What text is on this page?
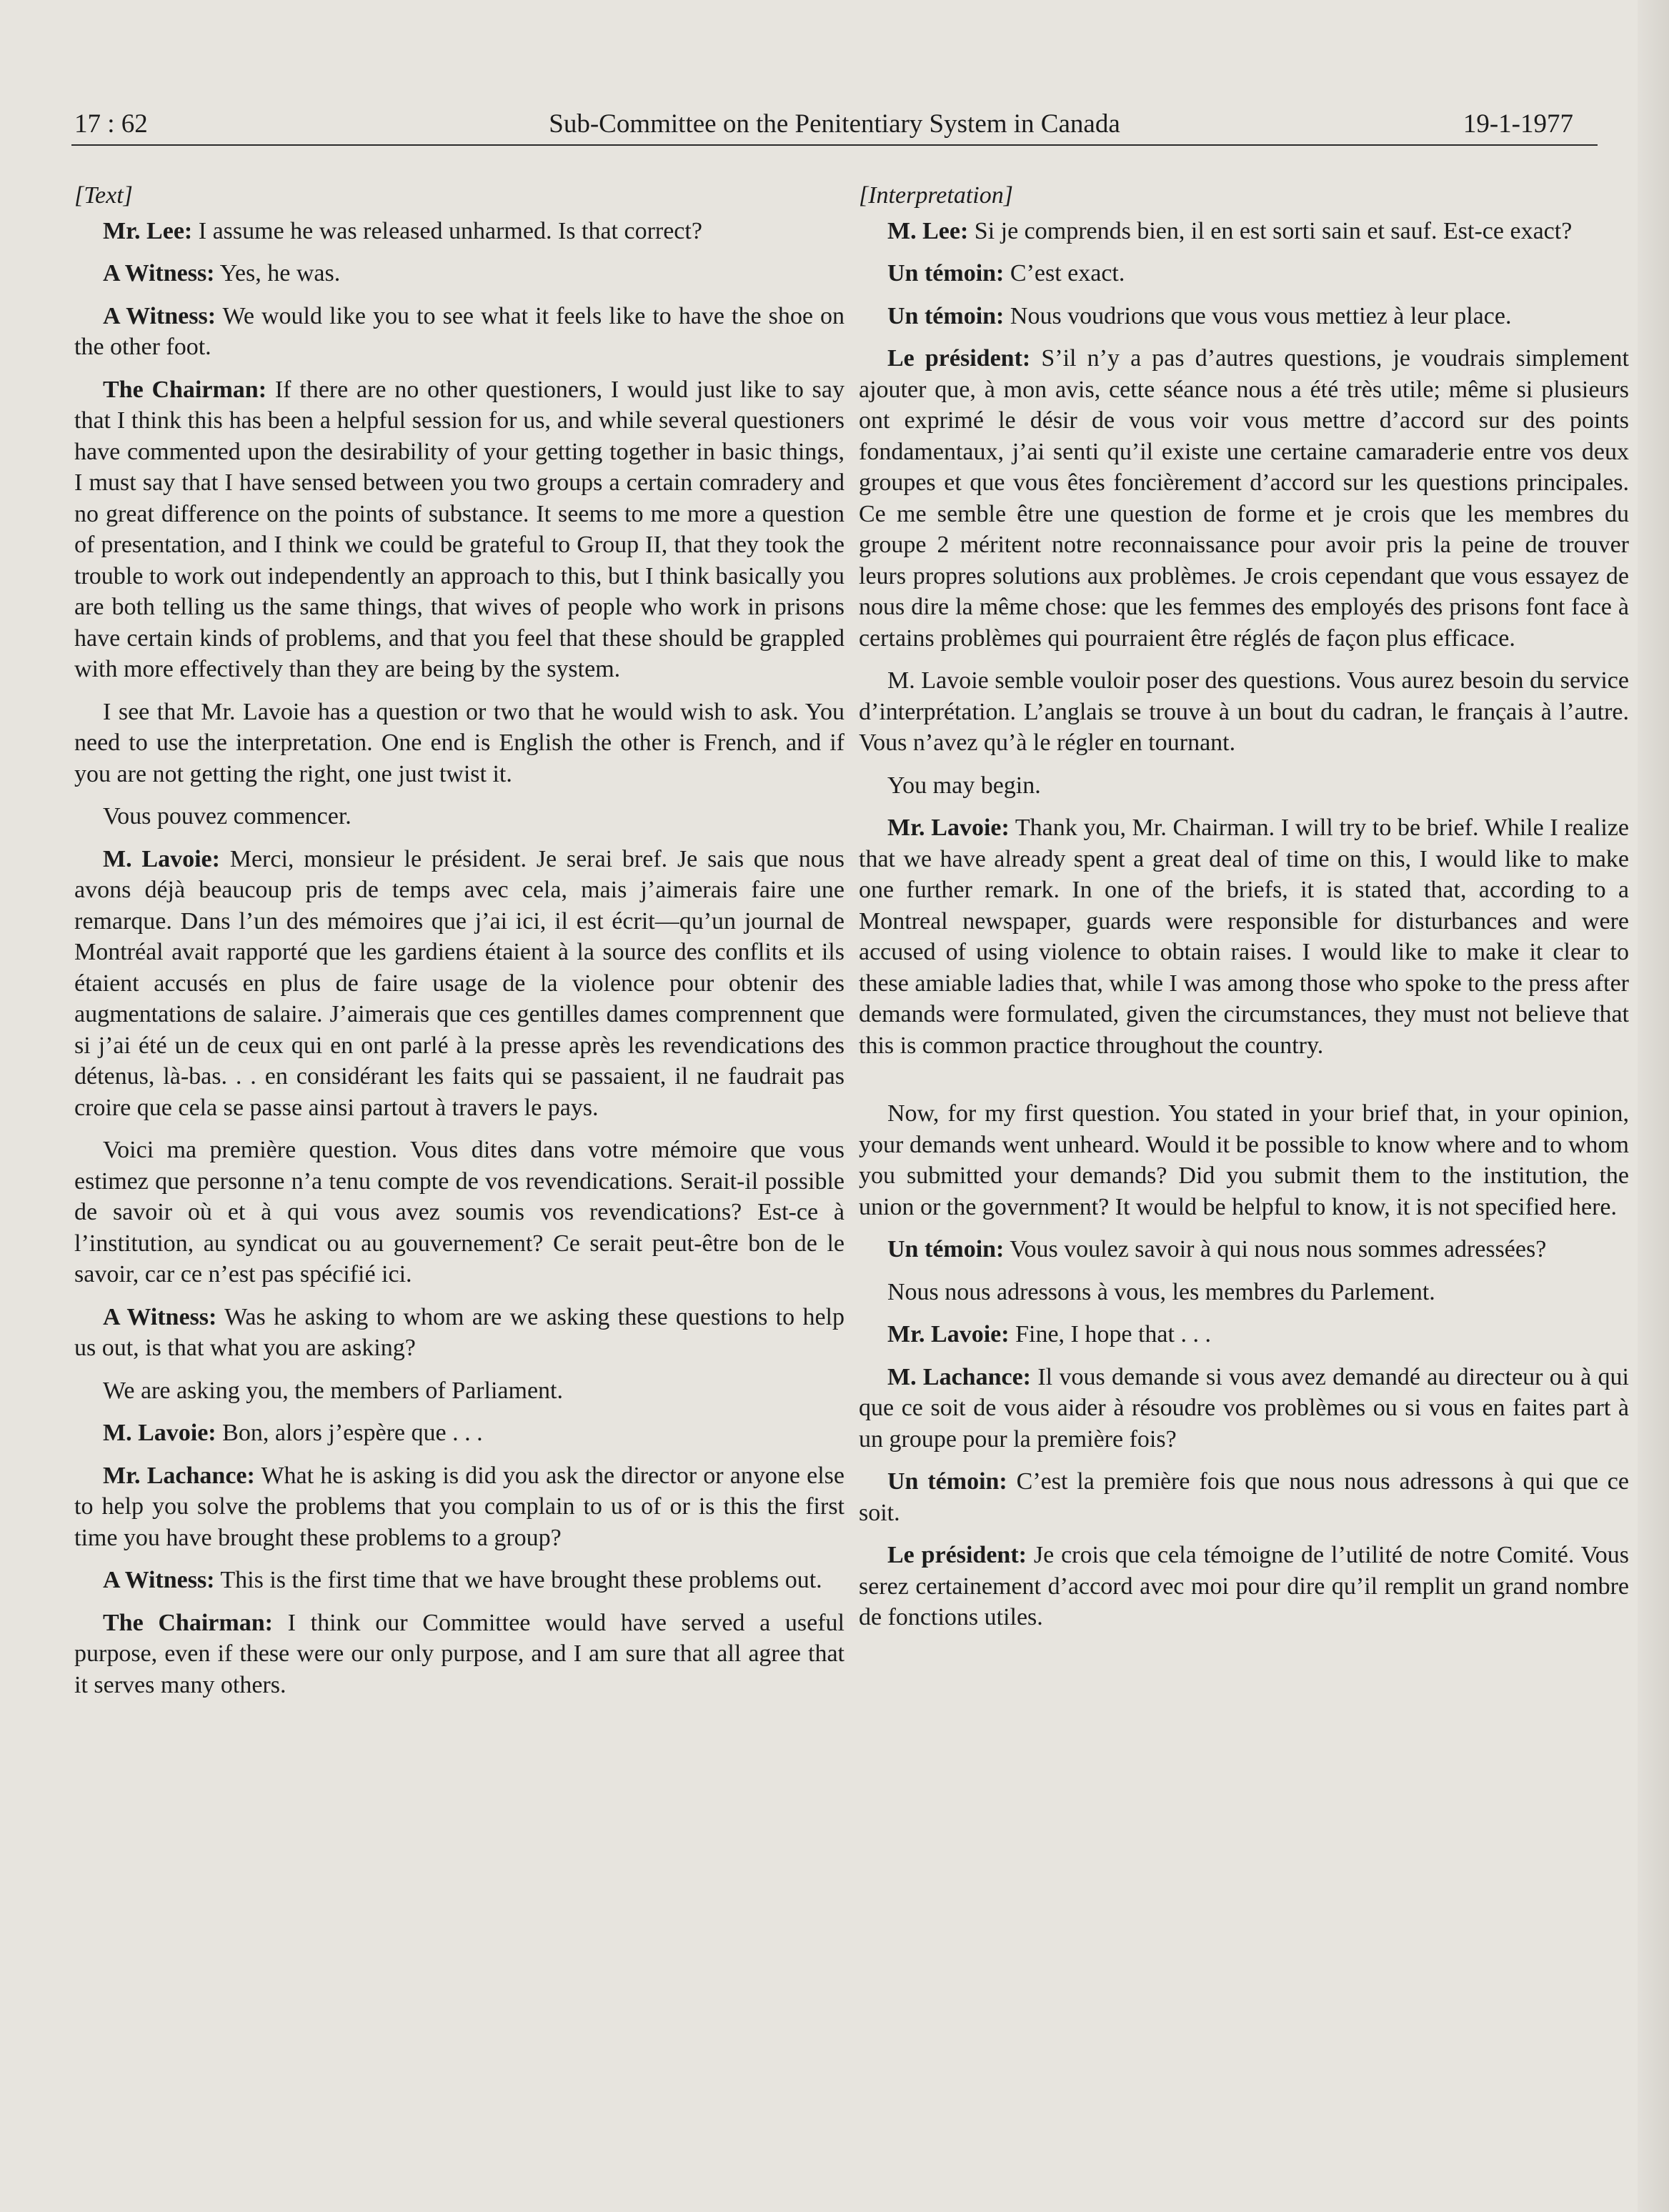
17 : 62	Sub-Committee on the Penitentiary System in Canada	19-1-1977

[Text]

Mr. Lee: I assume he was released unharmed. Is that correct?

A Witness: Yes, he was.

A Witness: We would like you to see what it feels like to have the shoe on the other foot.

The Chairman: If there are no other questioners, I would just like to say that I think this has been a helpful session for us, and while several questioners have commented upon the desirability of your getting together in basic things, I must say that I have sensed between you two groups a certain comradery and no great difference on the points of substance. It seems to me more a question of presentation, and I think we could be grateful to Group II, that they took the trouble to work out independently an approach to this, but I think basically you are both telling us the same things, that wives of people who work in prisons have certain kinds of problems, and that you feel that these should be grappled with more effectively than they are being by the system.

I see that Mr. Lavoie has a question or two that he would wish to ask. You need to use the interpretation. One end is English the other is French, and if you are not getting the right, one just twist it.

Vous pouvez commencer.

M. Lavoie: Merci, monsieur le président. Je serai bref. Je sais que nous avons déjà beaucoup pris de temps avec cela, mais j’aimerais faire une remarque. Dans l’un des mémoires que j’ai ici, il est écrit—qu’un journal de Montréal avait rapporté que les gardiens étaient à la source des conflits et ils étaient accusés en plus de faire usage de la violence pour obtenir des augmentations de salaire. J’aimerais que ces gentilles dames comprennent que si j’ai été un de ceux qui en ont parlé à la presse après les revendications des détenus, là-bas. . . en considérant les faits qui se passaient, il ne faudrait pas croire que cela se passe ainsi partout à travers le pays.

Voici ma première question. Vous dites dans votre mémoire que vous estimez que personne n’a tenu compte de vos revendications. Serait-il possible de savoir où et à qui vous avez soumis vos revendications? Est-ce à l’institution, au syndicat ou au gouvernement? Ce serait peut-être bon de le savoir, car ce n’est pas spécifié ici.

A Witness: Was he asking to whom are we asking these questions to help us out, is that what you are asking?

We are asking you, the members of Parliament.

M. Lavoie: Bon, alors j’espère que . . .

Mr. Lachance: What he is asking is did you ask the director or anyone else to help you solve the problems that you complain to us of or is this the first time you have brought these problems to a group?

A Witness: This is the first time that we have brought these problems out.

The Chairman: I think our Committee would have served a useful purpose, even if these were our only purpose, and I am sure that all agree that it serves many others.

[Interpretation]

M. Lee: Si je comprends bien, il en est sorti sain et sauf. Est-ce exact?

Un témoin: C’est exact.

Un témoin: Nous voudrions que vous vous mettiez à leur place.

Le président: S’il n’y a pas d’autres questions, je voudrais simplement ajouter que, à mon avis, cette séance nous a été très utile; même si plusieurs ont exprimé le désir de vous voir vous mettre d’accord sur des points fondamentaux, j’ai senti qu’il existe une certaine camaraderie entre vos deux groupes et que vous êtes foncièrement d’accord sur les questions principales. Ce me semble être une question de forme et je crois que les membres du groupe 2 méritent notre reconnaissance pour avoir pris la peine de trouver leurs propres solutions aux problèmes. Je crois cependant que vous essayez de nous dire la même chose: que les femmes des employés des prisons font face à certains problèmes qui pourraient être réglés de façon plus efficace.

M. Lavoie semble vouloir poser des questions. Vous aurez besoin du service d’interprétation. L’anglais se trouve à un bout du cadran, le français à l’autre. Vous n’avez qu’à le régler en tournant.

You may begin.

Mr. Lavoie: Thank you, Mr. Chairman. I will try to be brief. While I realize that we have already spent a great deal of time on this, I would like to make one further remark. In one of the briefs, it is stated that, according to a Montreal newspaper, guards were responsible for disturbances and were accused of using violence to obtain raises. I would like to make it clear to these amiable ladies that, while I was among those who spoke to the press after demands were formulated, given the circumstances, they must not believe that this is common practice throughout the country.

Now, for my first question. You stated in your brief that, in your opinion, your demands went unheard. Would it be possible to know where and to whom you submitted your demands? Did you submit them to the institution, the union or the government? It would be helpful to know, it is not specified here.

Un témoin: Vous voulez savoir à qui nous nous sommes adressées?

Nous nous adressons à vous, les membres du Parlement.

Mr. Lavoie: Fine, I hope that . . .

M. Lachance: Il vous demande si vous avez demandé au directeur ou à qui que ce soit de vous aider à résoudre vos problèmes ou si vous en faites part à un groupe pour la première fois?

Un témoin: C’est la première fois que nous nous adressons à qui que ce soit.

Le président: Je crois que cela témoigne de l’utilité de notre Comité. Vous serez certainement d’accord avec moi pour dire qu’il remplit un grand nombre de fonctions utiles.
